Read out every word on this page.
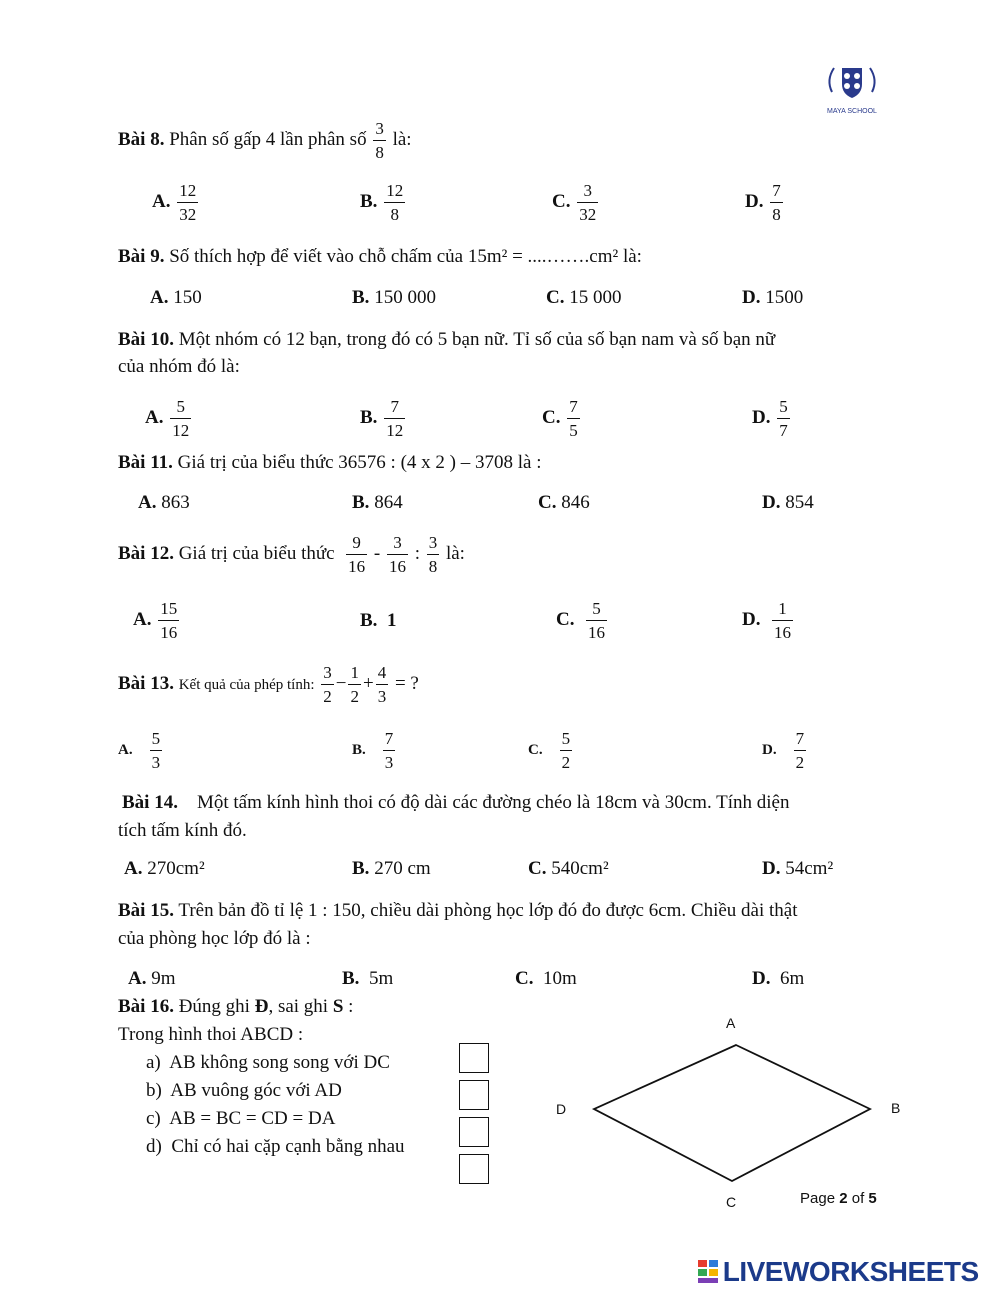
MAYA SCHOOL
Bài 8. Phân số gấp 4 lần phân số $\frac{3}{8}$ là:
A. $\frac{12}{32}$	B. $\frac{12}{8}$	C. $\frac{3}{32}$	D. $\frac{7}{8}$
Bài 9. Số thích hợp để viết vào chỗ chấm của 15m² = ....…….cm² là:
A. 150	B. 150 000	C. 15 000	D. 1500
Bài 10. Một nhóm có 12 bạn, trong đó có 5 bạn nữ. Tỉ số của số bạn nam và số bạn nữ
của nhóm đó là:
A. $\frac{5}{12}$	B. $\frac{7}{12}$	C. $\frac{7}{5}$	D. $\frac{5}{7}$
Bài 11. Giá trị của biểu thức 36576 : (4 x 2 ) – 3708 là :
A. 863	B. 864	C. 846	D. 854
Bài 12. Giá trị của biểu thức $\frac{9}{16} - \frac{3}{16}$ : $\frac{3}{8}$ là:
A. $\frac{15}{16}$	B. 1	C. $\frac{5}{16}$	D. $\frac{1}{16}$
Bài 13. Kết quả của phép tính: $\frac{3}{2} - \frac{1}{2} + \frac{4}{3}$ = ?
A. $\frac{5}{3}$	B. $\frac{7}{3}$	C. $\frac{5}{2}$	D. $\frac{7}{2}$
Bài 14. Một tấm kính hình thoi có độ dài các đường chéo là 18cm và 30cm. Tính diện
tích tấm kính đó.
A. 270cm²	B. 270 cm	C. 540cm²	D. 54cm²
Bài 15. Trên bản đồ tỉ lệ 1 : 150, chiều dài phòng học lớp đó đo được 6cm. Chiều dài thật
của phòng học lớp đó là :
A. 9m	B. 5m	C. 10m	D. 6m
Bài 16. Đúng ghi Đ, sai ghi S :
Trong hình thoi ABCD :
a) AB không song song với DC
b) AB vuông góc với AD
c) AB = BC = CD = DA
d) Chỉ có hai cặp cạnh bằng nhau
A
B
C
D
Page 2 of 5
LIVEWORKSHEETS
